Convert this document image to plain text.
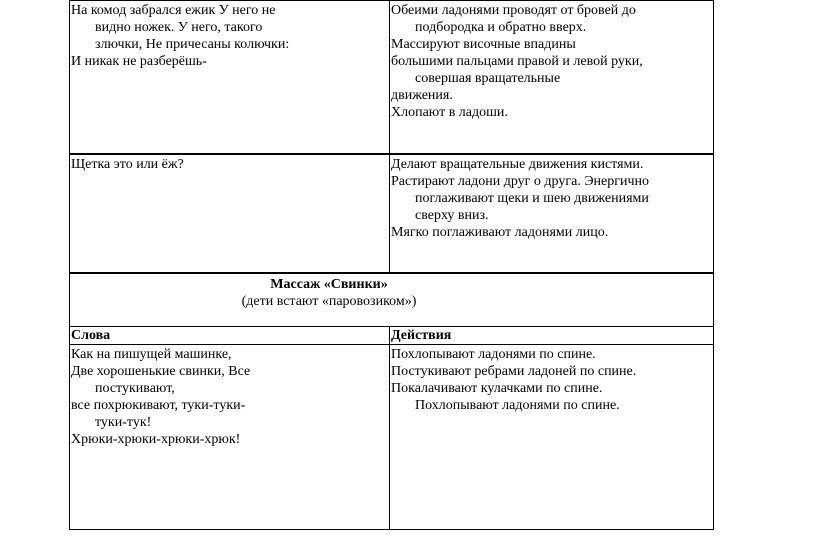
На комод забрался ежик У него не

видно ножек. У него, такого

злючки, Не причесаны колючки:

И никак не разберёшь-

Обеими ладонями проводят от бровей до

подбородка и обратно вверх.

Массируют височные впадины

большими пальцами правой и левой руки,

совершая вращательные

движения.

Хлопают в ладоши.

Щетка это или ёж?	Делают вращательные движения кистями.

Растирают ладони друг о друга. Энергично

поглаживают щеки и шею движениями

сверху вниз.

Мягко поглаживают ладонями лицо.

Массаж «Свинки»

(дети встают «паровозиком»)

Слова	Действия

Как на пишущей машинке,

Две хорошенькие свинки, Все

постукивают,

все похрюкивают, туки-туки-

туки-тук!

Хрюки-хрюки-хрюки-хрюк!

Похлопывают ладонями по спине.

Постукивают ребрами ладоней по спине.

Покалачивают кулачками по спине.

Похлопывают ладонями по спине.
